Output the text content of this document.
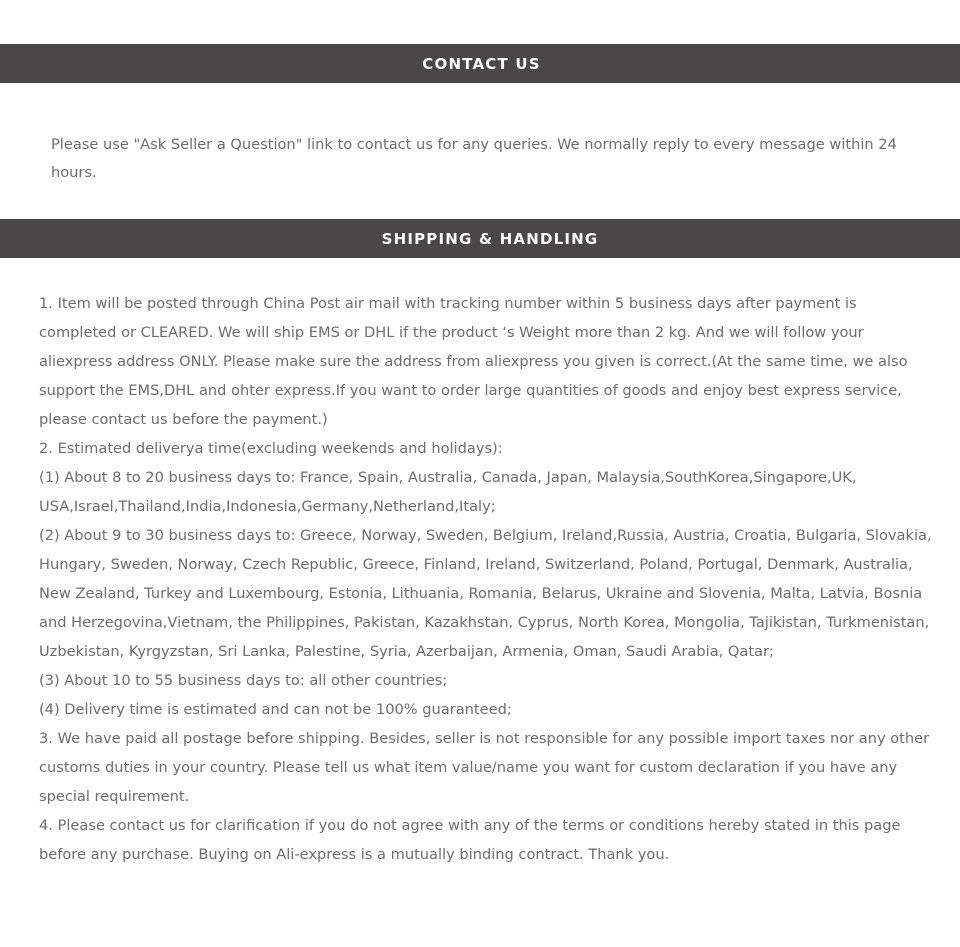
CONTACT US
Please use "Ask Seller a Question" link to contact us for any queries. We normally reply to every message within 24 hours.
SHIPPING & HANDLING
1. Item will be posted through China Post air mail with tracking number within 5 business days after payment is completed or CLEARED. We will ship EMS or DHL if the product ‘s Weight more than 2 kg. And we will follow your aliexpress address ONLY. Please make sure the address from aliexpress you given is correct.(At the same time, we also support the EMS,DHL and ohter express.If you want to order large quantities of goods and enjoy best express service, please contact us before the payment.)
2. Estimated deliverya time(excluding weekends and holidays):
(1) About 8 to 20 business days to: France, Spain, Australia, Canada, Japan, Malaysia,SouthKorea,Singapore,UK, USA,Israel,Thailand,India,Indonesia,Germany,Netherland,Italy;
(2) About 9 to 30 business days to: Greece, Norway, Sweden, Belgium, Ireland,Russia, Austria, Croatia, Bulgaria, Slovakia, Hungary, Sweden, Norway, Czech Republic, Greece, Finland, Ireland, Switzerland, Poland, Portugal, Denmark, Australia, New Zealand, Turkey and Luxembourg, Estonia, Lithuania, Romania, Belarus, Ukraine and Slovenia, Malta, Latvia, Bosnia and Herzegovina,Vietnam, the Philippines, Pakistan, Kazakhstan, Cyprus, North Korea, Mongolia, Tajikistan, Turkmenistan, Uzbekistan, Kyrgyzstan, Sri Lanka, Palestine, Syria, Azerbaijan, Armenia, Oman, Saudi Arabia, Qatar;
(3) About 10 to 55 business days to: all other countries;
(4) Delivery time is estimated and can not be 100% guaranteed;
3. We have paid all postage before shipping. Besides, seller is not responsible for any possible import taxes nor any other customs duties in your country. Please tell us what item value/name you want for custom declaration if you have any special requirement.
4. Please contact us for clarification if you do not agree with any of the terms or conditions hereby stated in this page before any purchase. Buying on Ali-express is a mutually binding contract. Thank you.
